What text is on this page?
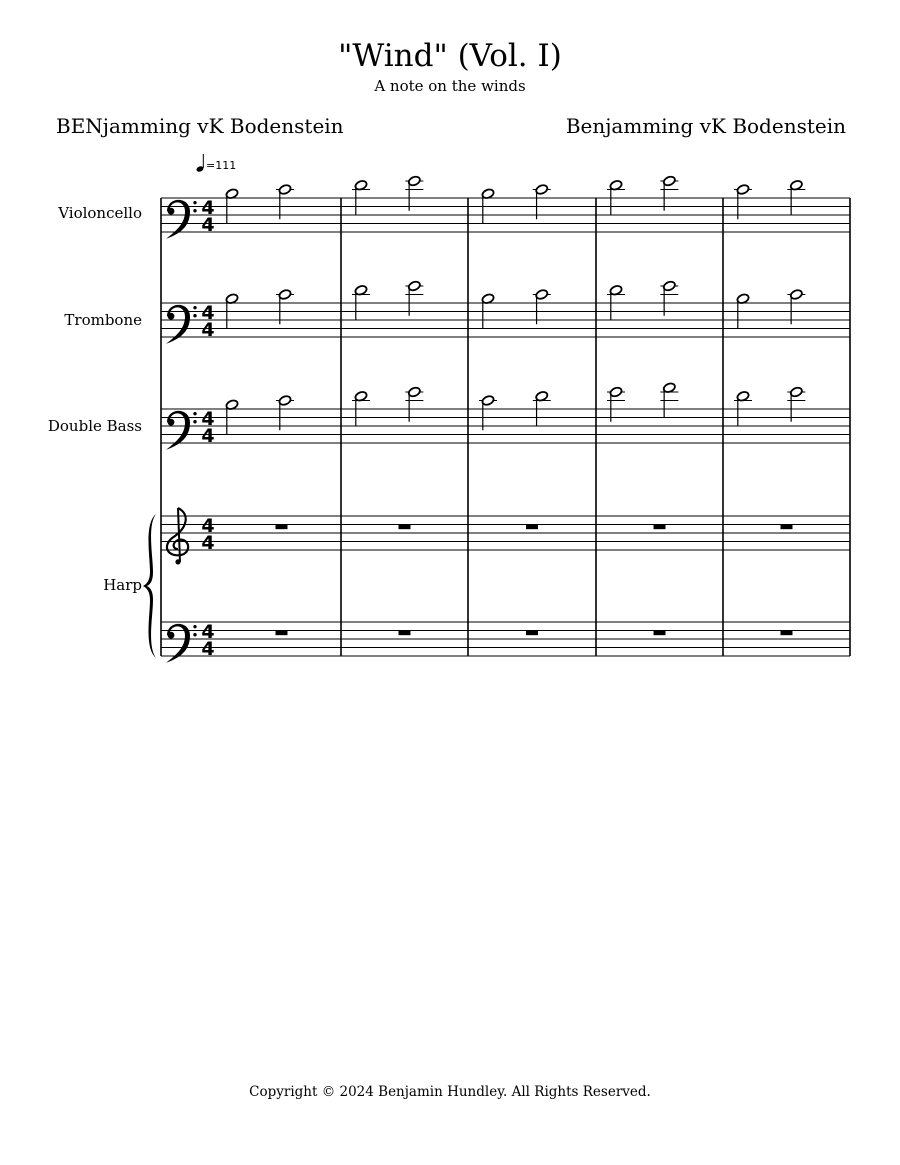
"Wind" (Vol. I)
A note on the winds
BENjamming vK Bodenstein	Benjamming vK Bodenstein
Violoncello
Trombone
Double Bass
Harp
=111
4
4
4
4
4
4
4
4
4
4
Copyright © 2024 Benjamin Hundley. All Rights Reserved.
